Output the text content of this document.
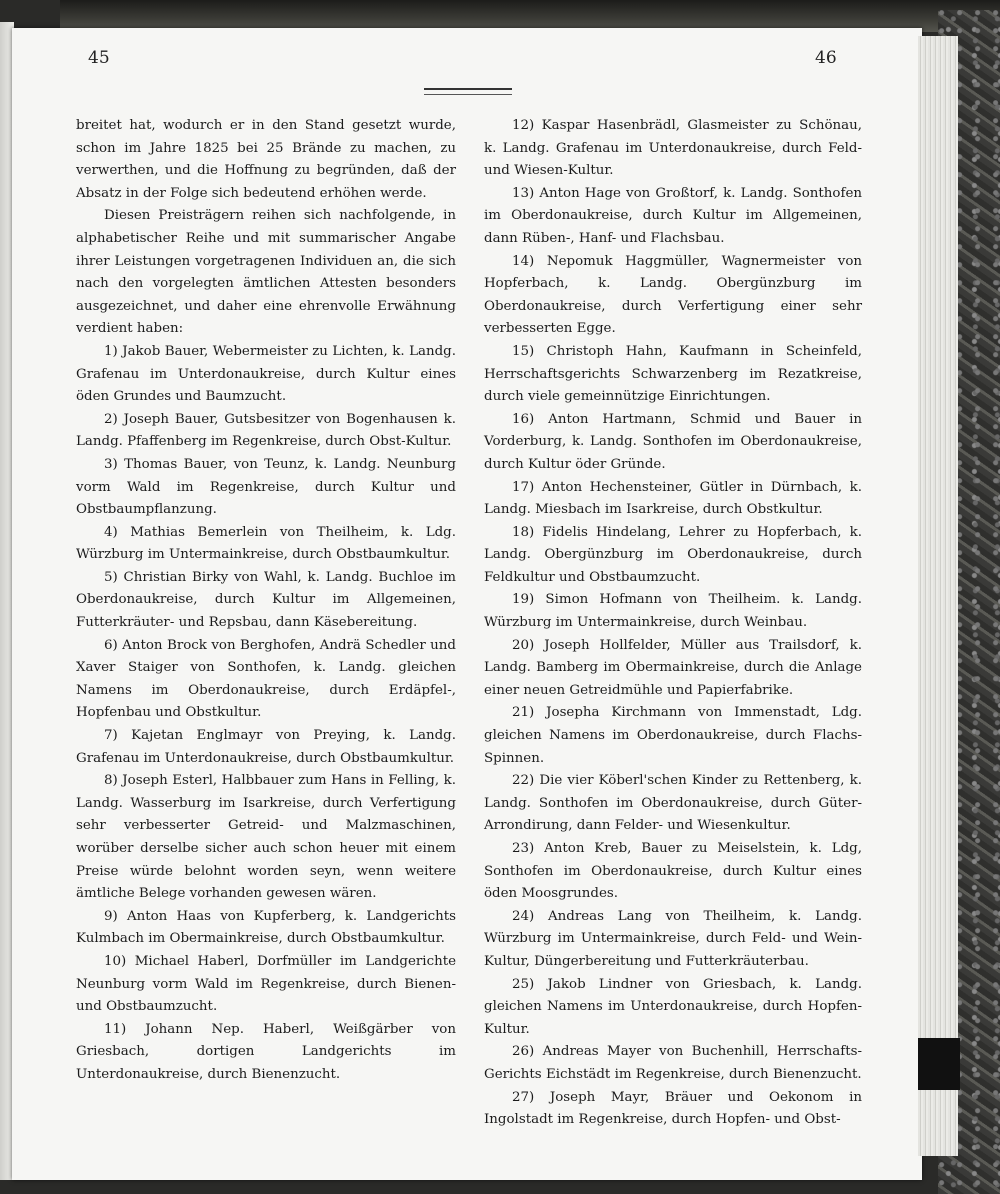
45	46

breitet hat, wodurch er in den Stand gesetzt wurde, schon im Jahre 1825 bei 25 Brände zu machen, zu verwerthen, und die Hoffnung zu begründen, daß der Absatz in der Folge sich bedeutend erhöhen werde.

Diesen Preisträgern reihen sich nachfolgende, in alphabetischer Reihe und mit summarischer Angabe ihrer Leistungen vorgetragenen Individuen an, die sich nach den vorgelegten ämtlichen Attesten besonders ausgezeichnet, und daher eine ehrenvolle Erwähnung verdient haben:

1) Jakob Bauer, Webermeister zu Lichten, k. Landg. Grafenau im Unterdonaukreise, durch Kultur eines öden Grundes und Baumzucht.

2) Joseph Bauer, Gutsbesitzer von Bogenhausen k. Landg. Pfaffenberg im Regenkreise, durch Obst-Kultur.

3) Thomas Bauer, von Teunz, k. Landg. Neunburg vorm Wald im Regenkreise, durch Kultur und Obstbaumpflanzung.

4) Mathias Bemerlein von Theilheim, k. Ldg. Würzburg im Untermainkreise, durch Obstbaumkultur.

5) Christian Birky von Wahl, k. Landg. Buchloe im Oberdonaukreise, durch Kultur im Allgemeinen, Futterkräuter- und Repsbau, dann Käsebereitung.

6) Anton Brock von Berghofen, Andrä Schedler und Xaver Staiger von Sonthofen, k. Landg. gleichen Namens im Oberdonaukreise, durch Erdäpfel-, Hopfenbau und Obstkultur.

7) Kajetan Englmayr von Preying, k. Landg. Grafenau im Unterdonaukreise, durch Obstbaumkultur.

8) Joseph Esterl, Halbbauer zum Hans in Felling, k. Landg. Wasserburg im Isarkreise, durch Verfertigung sehr verbesserter Getreid- und Malzmaschinen, worüber derselbe sicher auch schon heuer mit einem Preise würde belohnt worden seyn, wenn weitere ämtliche Belege vorhanden gewesen wären.

9) Anton Haas von Kupferberg, k. Landgerichts Kulmbach im Obermainkreise, durch Obstbaumkultur.

10) Michael Haberl, Dorfmüller im Landgerichte Neunburg vorm Wald im Regenkreise, durch Bienen- und Obstbaumzucht.

11) Johann Nep. Haberl, Weißgärber von Griesbach, dortigen Landgerichts im Unterdonaukreise, durch Bienenzucht.

12) Kaspar Hasenbrädl, Glasmeister zu Schönau, k. Landg. Grafenau im Unterdonaukreise, durch Feld- und Wiesen-Kultur.

13) Anton Hage von Großtorf, k. Landg. Sonthofen im Oberdonaukreise, durch Kultur im Allgemeinen, dann Rüben-, Hanf- und Flachsbau.

14) Nepomuk Haggmüller, Wagnermeister von Hopferbach, k. Landg. Obergünzburg im Oberdonaukreise, durch Verfertigung einer sehr verbesserten Egge.

15) Christoph Hahn, Kaufmann in Scheinfeld, Herrschaftsgerichts Schwarzenberg im Rezatkreise, durch viele gemeinnützige Einrichtungen.

16) Anton Hartmann, Schmid und Bauer in Vorderburg, k. Landg. Sonthofen im Oberdonaukreise, durch Kultur öder Gründe.

17) Anton Hechensteiner, Gütler in Dürnbach, k. Landg. Miesbach im Isarkreise, durch Obstkultur.

18) Fidelis Hindelang, Lehrer zu Hopferbach, k. Landg. Obergünzburg im Oberdonaukreise, durch Feldkultur und Obstbaumzucht.

19) Simon Hofmann von Theilheim. k. Landg. Würzburg im Untermainkreise, durch Weinbau.

20) Joseph Hollfelder, Müller aus Trailsdorf, k. Landg. Bamberg im Obermainkreise, durch die Anlage einer neuen Getreidmühle und Papierfabrike.

21) Josepha Kirchmann von Immenstadt, Ldg. gleichen Namens im Oberdonaukreise, durch Flachs-Spinnen.

22) Die vier Köberl'schen Kinder zu Rettenberg, k. Landg. Sonthofen im Oberdonaukreise, durch Güter-Arrondirung, dann Felder- und Wiesenkultur.

23) Anton Kreb, Bauer zu Meiselstein, k. Ldg, Sonthofen im Oberdonaukreise, durch Kultur eines öden Moosgrundes.

24) Andreas Lang von Theilheim, k. Landg. Würzburg im Untermainkreise, durch Feld- und Wein-Kultur, Düngerbereitung und Futterkräuterbau.

25) Jakob Lindner von Griesbach, k. Landg. gleichen Namens im Unterdonaukreise, durch Hopfen-Kultur.

26) Andreas Mayer von Buchenhill, Herrschafts-Gerichts Eichstädt im Regenkreise, durch Bienenzucht.

27) Joseph Mayr, Bräuer und Oekonom in Ingolstadt im Regenkreise, durch Hopfen- und Obst-
